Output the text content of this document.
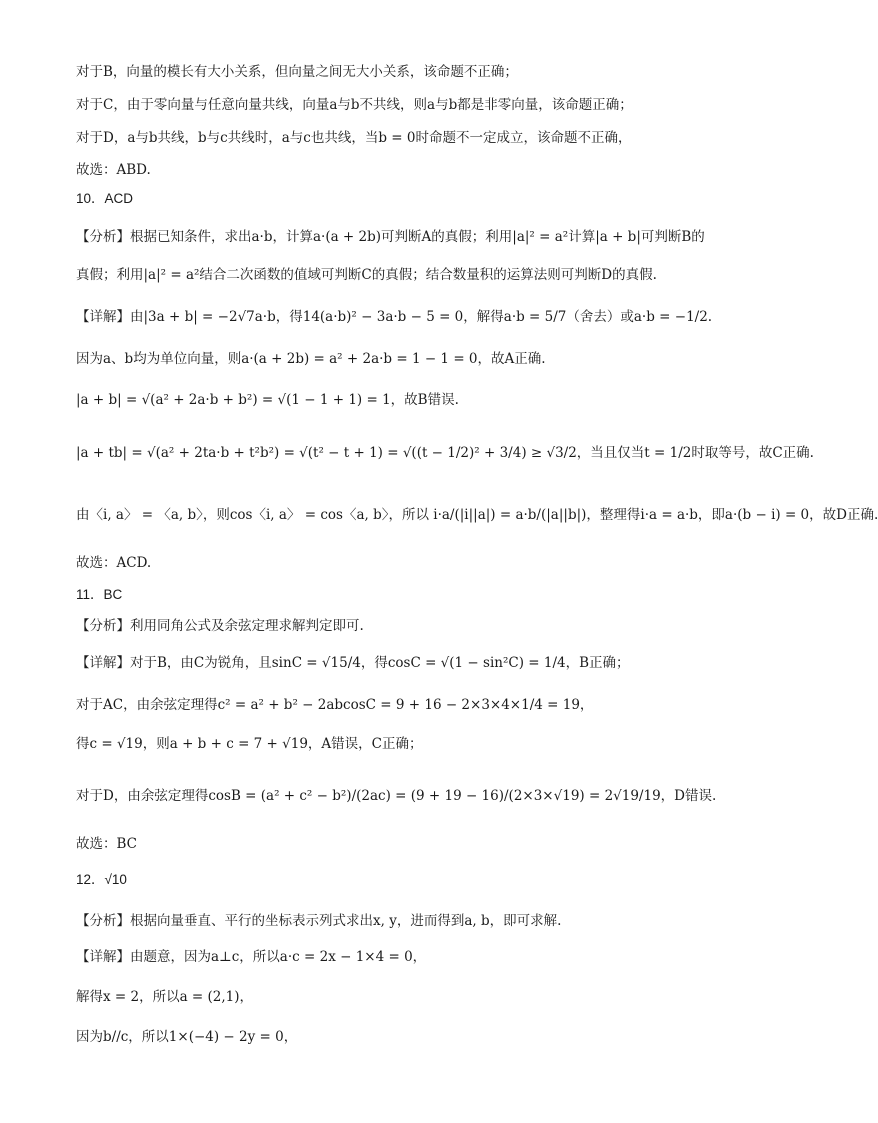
对于B，向量的模长有大小关系，但向量之间无大小关系，该命题不正确；
对于C，由于零向量与任意向量共线，向量a与b不共线，则a与b都是非零向量，该命题正确；
对于D，a与b共线，b与c共线时，a与c也共线，当b = 0时命题不一定成立，该命题不正确，
故选：ABD.
10．ACD
【分析】根据已知条件，求出a·b，计算a·(a + 2b)可判断A的真假；利用|a|² = a²计算|a + b|可判断B的
真假；利用|a|² = a²结合二次函数的值域可判断C的真假；结合数量积的运算法则可判断D的真假.
【详解】由|3a + b| = −2√7a·b，得14(a·b)² − 3a·b − 5 = 0，解得a·b = 5/7（舍去）或a·b = −1/2.
因为a、b均为单位向量，则a·(a + 2b) = a² + 2a·b = 1 − 1 = 0，故A正确.
|a + b| = √(a² + 2a·b + b²) = √(1 − 1 + 1) = 1，故B错误.
|a + tb| = √(a² + 2ta·b + t²b²) = √(t² − t + 1) = √((t − 1/2)² + 3/4) ≥ √3/2，当且仅当t = 1/2时取等号，故C正确.
由〈i, a〉 = 〈a, b〉，则cos〈i, a〉 = cos〈a, b〉，所以 i·a/(|i||a|) = a·b/(|a||b|)，整理得i·a = a·b，即a·(b − i) = 0，故D正确.
故选：ACD.
11．BC
【分析】利用同角公式及余弦定理求解判定即可.
【详解】对于B，由C为锐角，且sinC = √15/4，得cosC = √(1 − sin²C) = 1/4，B正确；
对于AC，由余弦定理得c² = a² + b² − 2abcosC = 9 + 16 − 2×3×4×1/4 = 19，
得c = √19，则a + b + c = 7 + √19，A错误，C正确；
对于D，由余弦定理得cosB = (a² + c² − b²)/(2ac) = (9 + 19 − 16)/(2×3×√19) = 2√19/19，D错误.
故选：BC
12．√10
【分析】根据向量垂直、平行的坐标表示列式求出x, y，进而得到a, b，即可求解.
【详解】由题意，因为a⊥c，所以a·c = 2x − 1×4 = 0，
解得x = 2，所以a = (2,1)，
因为b//c，所以1×(−4) − 2y = 0，
